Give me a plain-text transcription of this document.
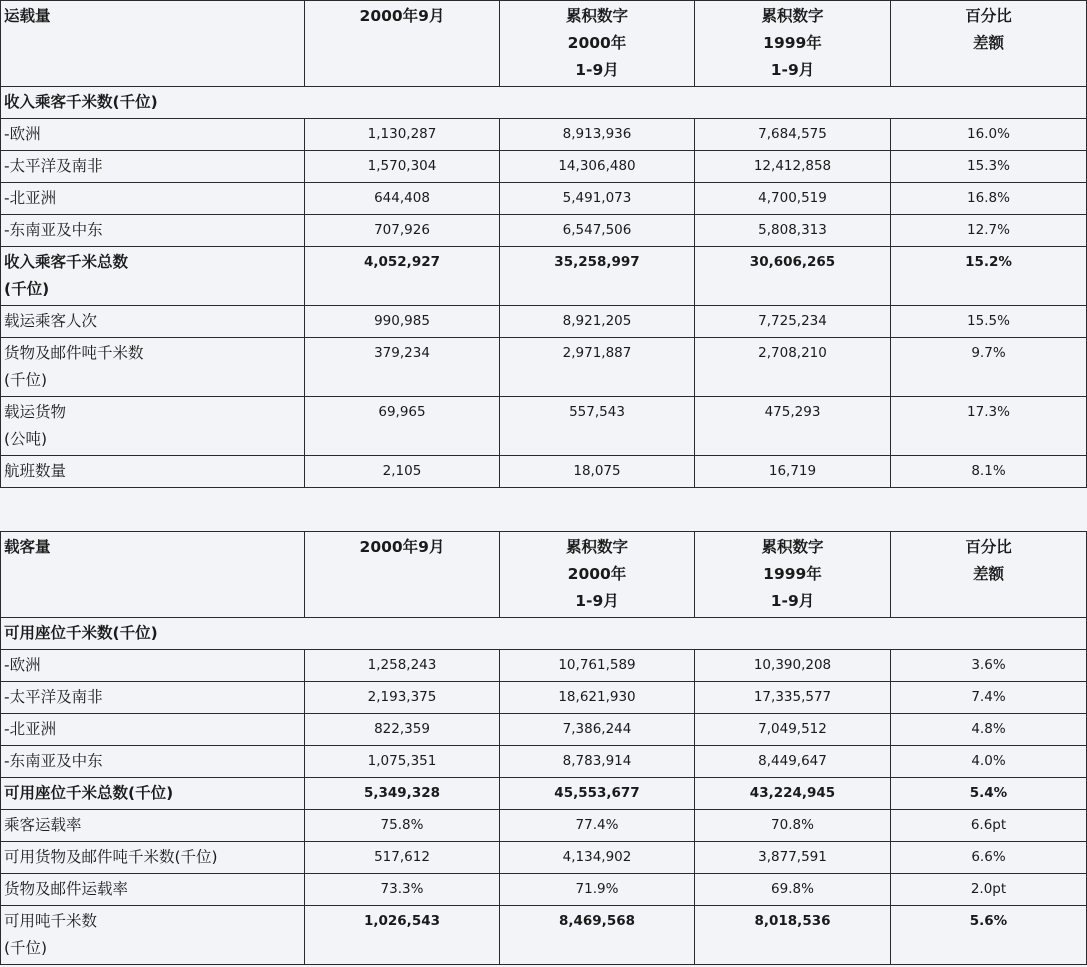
运载量	2000年9月	累积数字
2000年
1-9月	累积数字
1999年
1-9月	百分比
差额
收入乘客千米数(千位)				
-欧洲	1,130,287	8,913,936	7,684,575	16.0%
-太平洋及南非	1,570,304	14,306,480	12,412,858	15.3%
-北亚洲	644,408	5,491,073	4,700,519	16.8%
-东南亚及中东	707,926	6,547,506	5,808,313	12.7%
收入乘客千米总数
(千位)	4,052,927	35,258,997	30,606,265	15.2%
载运乘客人次	990,985	8,921,205	7,725,234	15.5%
货物及邮件吨千米数
(千位)	379,234	2,971,887	2,708,210	9.7%
载运货物
(公吨)	69,965	557,543	475,293	17.3%
航班数量	2,105	18,075	16,719	8.1%
载客量	2000年9月	累积数字
2000年
1-9月	累积数字
1999年
1-9月	百分比
差额
可用座位千米数(千位)				
-欧洲	1,258,243	10,761,589	10,390,208	3.6%
-太平洋及南非	2,193,375	18,621,930	17,335,577	7.4%
-北亚洲	822,359	7,386,244	7,049,512	4.8%
-东南亚及中东	1,075,351	8,783,914	8,449,647	4.0%
可用座位千米总数(千位)	5,349,328	45,553,677	43,224,945	5.4%
乘客运载率	75.8%	77.4%	70.8%	6.6pt
可用货物及邮件吨千米数(千位)	517,612	4,134,902	3,877,591	6.6%
货物及邮件运载率	73.3%	71.9%	69.8%	2.0pt
可用吨千米数
(千位)	1,026,543	8,469,568	8,018,536	5.6%
